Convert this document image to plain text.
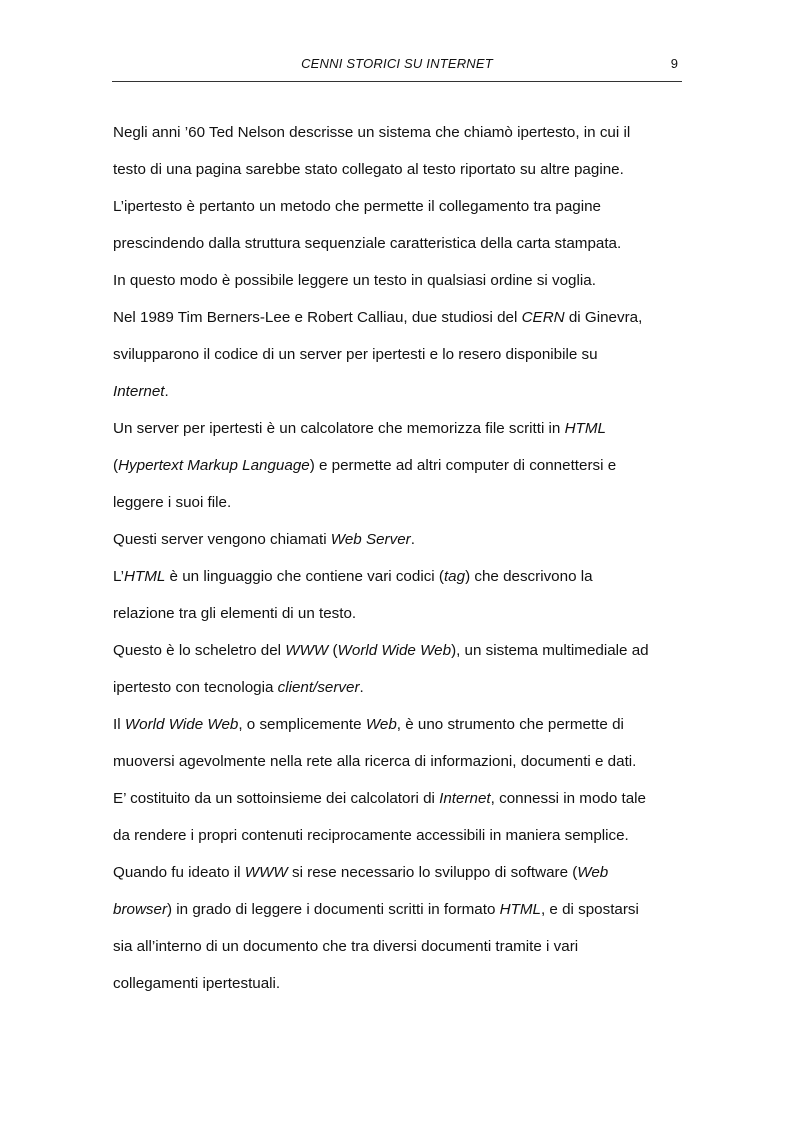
CENNI STORICI SU INTERNET	9
Negli anni ’60 Ted Nelson descrisse un sistema che chiamò ipertesto, in cui il
testo di una pagina sarebbe stato collegato al testo riportato su altre pagine.
L’ipertesto è pertanto un metodo che permette il collegamento tra pagine
prescindendo dalla struttura sequenziale caratteristica della carta stampata.
In questo modo è possibile leggere un testo in qualsiasi ordine si voglia.
Nel 1989 Tim Berners-Lee e Robert Calliau, due studiosi del CERN di Ginevra,
svilupparono il codice di un server per ipertesti e lo resero disponibile su
Internet.
Un server per ipertesti è un calcolatore che memorizza file scritti in HTML
(Hypertext Markup Language) e permette ad altri computer di connettersi e
leggere i suoi file.
Questi server vengono chiamati Web Server.
L’HTML è un linguaggio che contiene vari codici (tag) che descrivono la
relazione tra gli elementi di un testo.
Questo è lo scheletro del WWW (World Wide Web), un sistema multimediale ad
ipertesto con tecnologia client/server.
Il World Wide Web, o semplicemente Web, è uno strumento che permette di
muoversi agevolmente nella rete alla ricerca di informazioni, documenti e dati.
E’ costituito da un sottoinsieme dei calcolatori di Internet, connessi in modo tale
da rendere i propri contenuti reciprocamente accessibili in maniera semplice.
Quando fu ideato il WWW si rese necessario lo sviluppo di software (Web
browser) in grado di leggere i documenti scritti in formato HTML, e di spostarsi
sia all’interno di un documento che tra diversi documenti tramite i vari
collegamenti ipertestuali.
